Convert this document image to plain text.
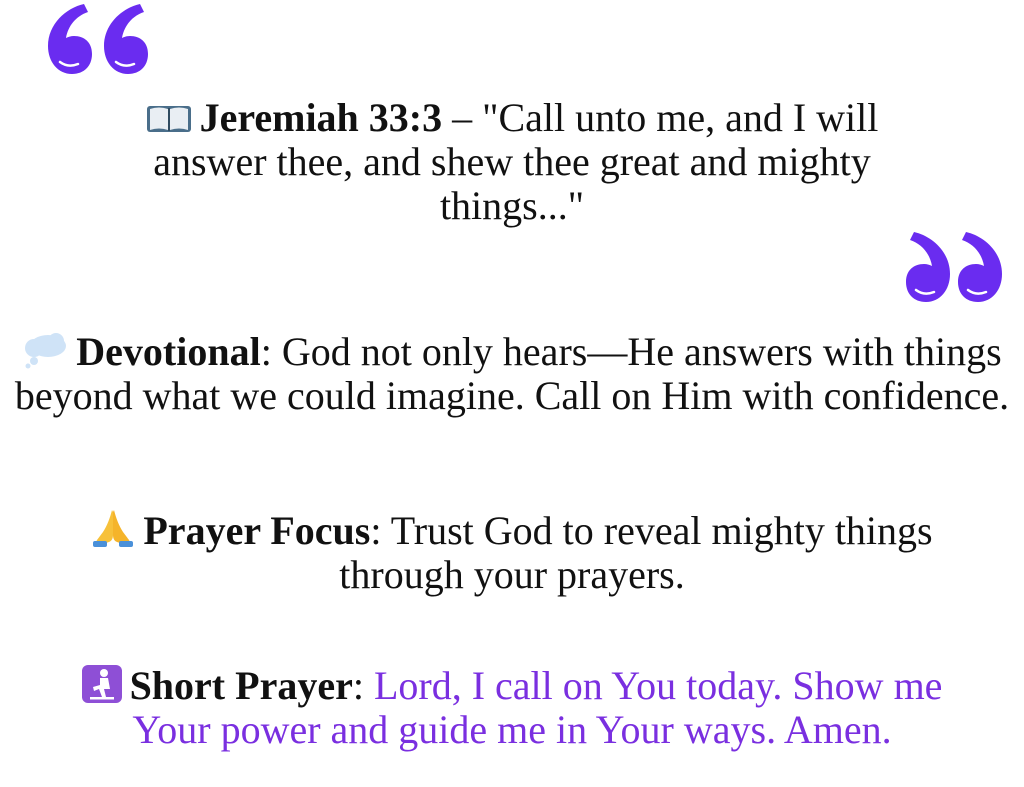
Jeremiah 33:3 – "Call unto me, and I will answer thee, and shew thee great and mighty things..."
Devotional: God not only hears—He answers with things beyond what we could imagine. Call on Him with confidence.
Prayer Focus: Trust God to reveal mighty things through your prayers.
Short Prayer: Lord, I call on You today. Show me Your power and guide me in Your ways. Amen.
